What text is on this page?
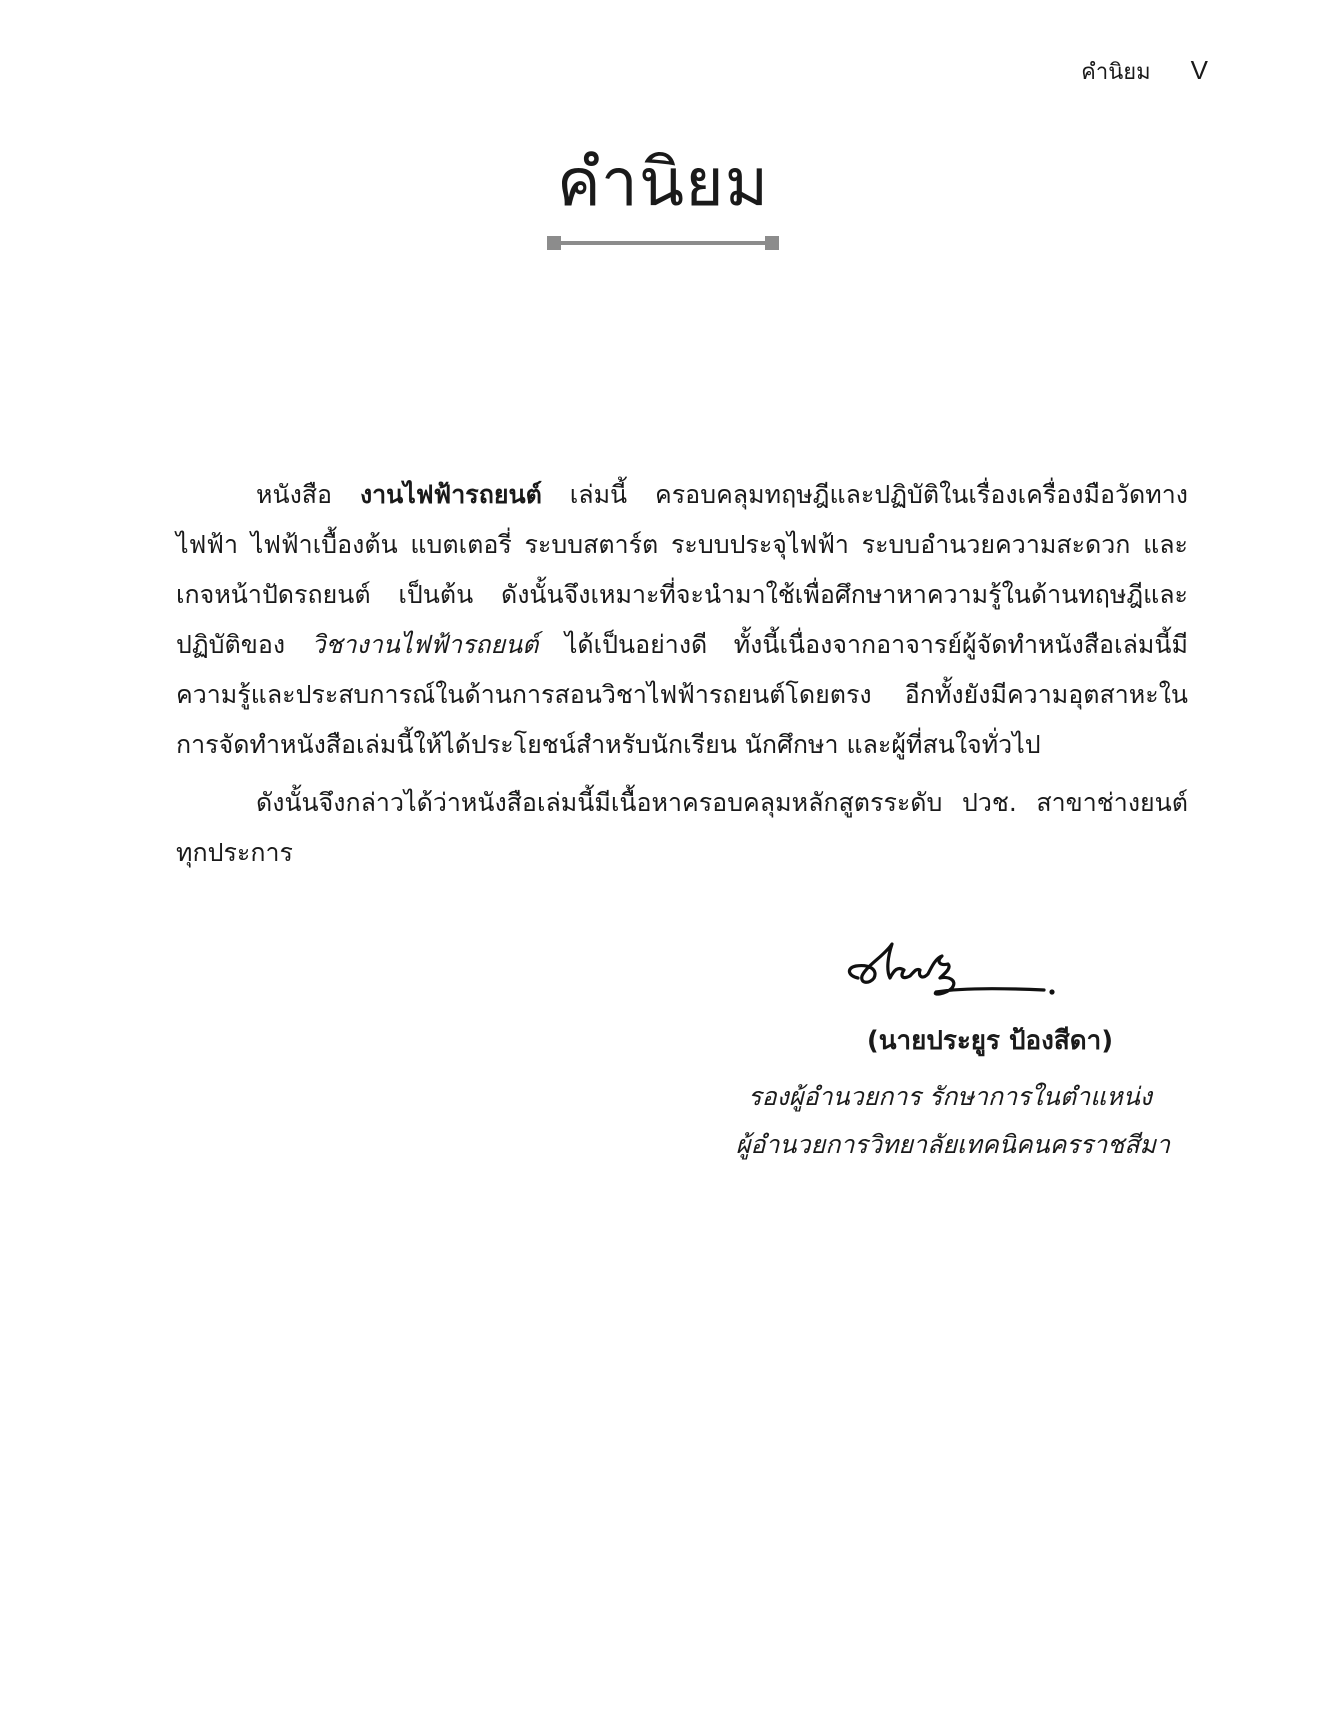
คำนิยม V
คำนิยม

หนังสือ งานไฟฟ้ารถยนต์ เล่มนี้ ครอบคลุมทฤษฎีและปฏิบัติในเรื่องเครื่องมือวัดทางไฟฟ้า ไฟฟ้าเบื้องต้น แบตเตอรี่ ระบบสตาร์ต ระบบประจุไฟฟ้า ระบบอำนวยความสะดวก และเกจหน้าปัดรถยนต์ เป็นต้น ดังนั้นจึงเหมาะที่จะนำมาใช้เพื่อศึกษาหาความรู้ในด้านทฤษฎีและปฏิบัติของ วิชางานไฟฟ้ารถยนต์ ได้เป็นอย่างดี ทั้งนี้เนื่องจากอาจารย์ผู้จัดทำหนังสือเล่มนี้มีความรู้และประสบการณ์ในด้านการสอนวิชาไฟฟ้ารถยนต์โดยตรง อีกทั้งยังมีความอุตสาหะในการจัดทำหนังสือเล่มนี้ให้ได้ประโยชน์สำหรับนักเรียน นักศึกษา และผู้ที่สนใจทั่วไป

ดังนั้นจึงกล่าวได้ว่าหนังสือเล่มนี้มีเนื้อหาครอบคลุมหลักสูตรระดับ ปวช. สาขาช่างยนต์ทุกประการ

(นายประยูร ป้องสีดา)
รองผู้อำนวยการ รักษาการในตำแหน่ง
ผู้อำนวยการวิทยาลัยเทคนิคนครราชสีมา
